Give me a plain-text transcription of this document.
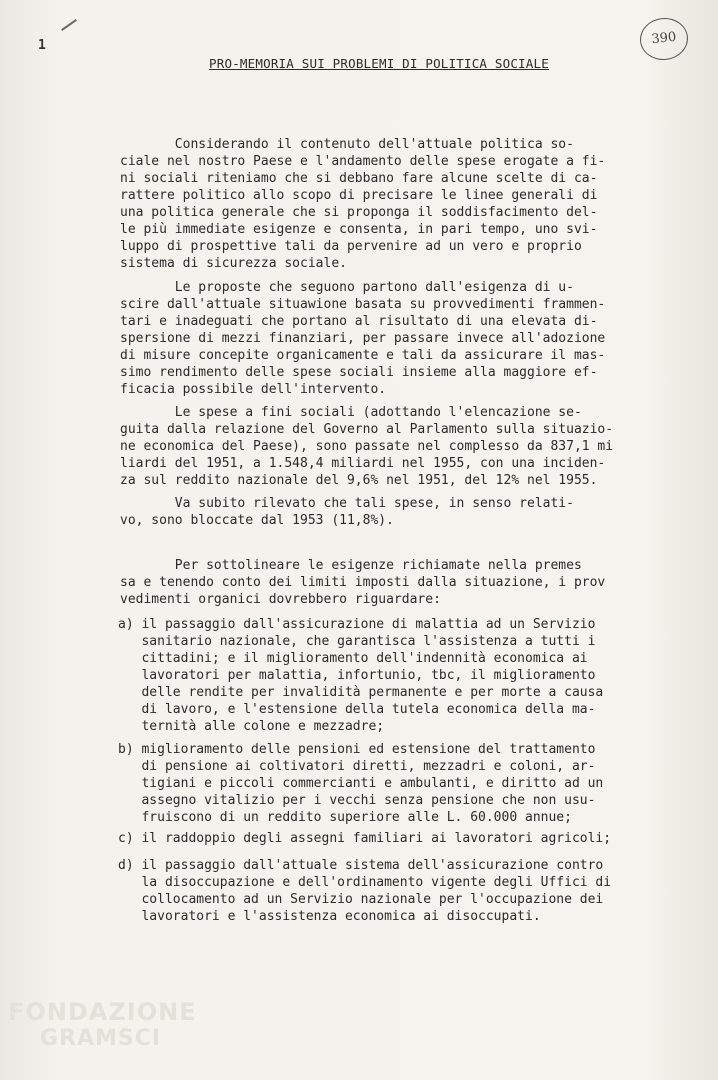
1	390
PRO-MEMORIA SUI PROBLEMI DI POLITICA SOCIALE
Considerando il contenuto dell'attuale politica so-
ciale nel nostro Paese e l'andamento delle spese erogate a fi-
ni sociali riteniamo che si debbano fare alcune scelte di ca-
rattere politico allo scopo di precisare le linee generali di
una politica generale che si proponga il soddisfacimento del-
le più immediate esigenze e consenta, in pari tempo, uno svi-
luppo di prospettive tali da pervenire ad un vero e proprio
sistema di sicurezza sociale.
Le proposte che seguono partono dall'esigenza di u-
scire dall'attuale situawione basata su provvedimenti frammen-
tari e inadeguati che portano al risultato di una elevata di-
spersione di mezzi finanziari, per passare invece all'adozione
di misure concepite organicamente e tali da assicurare il mas-
simo rendimento delle spese sociali insieme alla maggiore ef-
ficacia possibile dell'intervento.
Le spese a fini sociali (adottando l'elencazione se-
guita dalla relazione del Governo al Parlamento sulla situazio-
ne economica del Paese), sono passate nel complesso da 837,1 mi
liardi del 1951, a 1.548,4 miliardi nel 1955, con una inciden-
za sul reddito nazionale del 9,6% nel 1951, del 12% nel 1955.
Va subito rilevato che tali spese, in senso relati-
vo, sono bloccate dal 1953 (11,8%).
Per sottolineare le esigenze richiamate nella premes
sa e tenendo conto dei limiti imposti dalla situazione, i prov
vedimenti organici dovrebbero riguardare:
a) il passaggio dall'assicurazione di malattia ad un Servizio
sanitario nazionale, che garantisca l'assistenza a tutti i
cittadini; e il miglioramento dell'indennità economica ai
lavoratori per malattia, infortunio, tbc, il miglioramento
delle rendite per invalidità permanente e per morte a causa
di lavoro, e l'estensione della tutela economica della ma-
ternità alle colone e mezzadre;
b) miglioramento delle pensioni ed estensione del trattamento
di pensione ai coltivatori diretti, mezzadri e coloni, ar-
tigiani e piccoli commercianti e ambulanti, e diritto ad un
assegno vitalizio per i vecchi senza pensione che non usu-
fruiscono di un reddito superiore alle L. 60.000 annue;
c) il raddoppio degli assegni familiari ai lavoratori agricoli;
d) il passaggio dall'attuale sistema dell'assicurazione contro
la disoccupazione e dell'ordinamento vigente degli Uffici di
collocamento ad un Servizio nazionale per l'occupazione dei
lavoratori e l'assistenza economica ai disoccupati.
FONDAZIONE
GRAMSCI
